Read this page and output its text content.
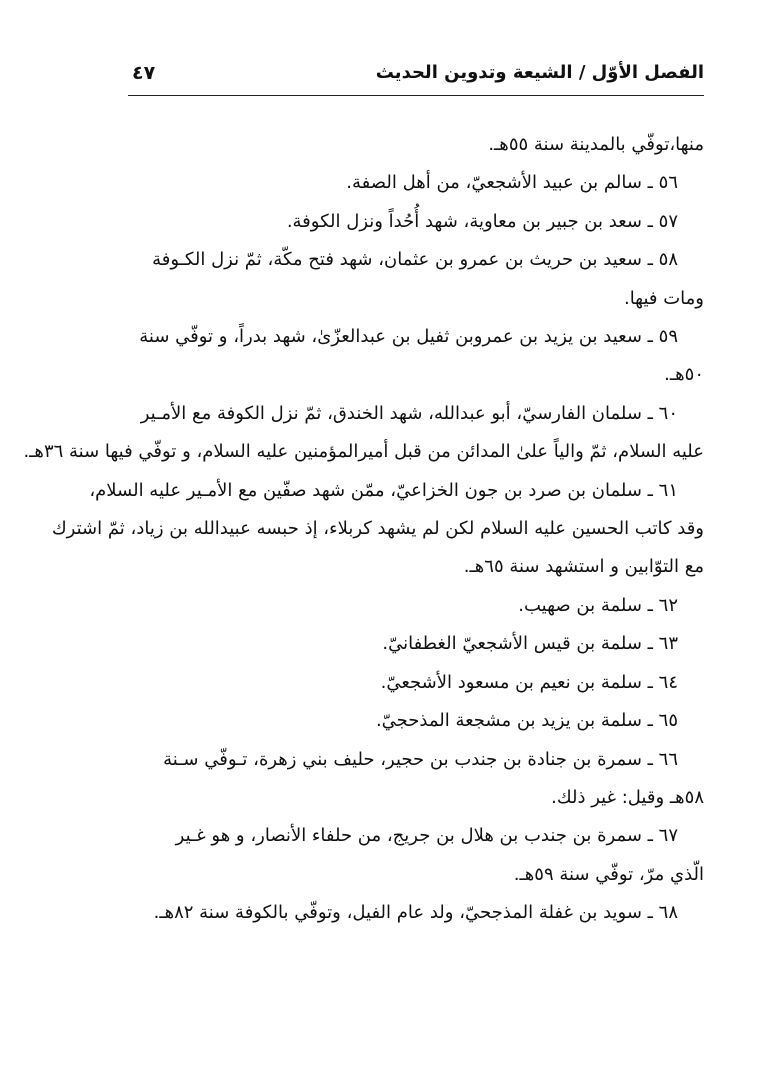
الفصل الأوّل / الشيعة وتدوين الحديث
٤٧
منها،توفّي بالمدينة سنة ٥٥هـ.
٥٦ ـ سالم بن عبيد الأشجعيّ، من أهل الصفة.
٥٧ ـ سعد بن جبير بن معاوية، شهد أُحُداً ونزل الكوفة.
٥٨ ـ سعيد بن حريث بن عمرو بن عثمان، شهد فتح مكّة، ثمّ نزل الكـوفة
ومات فيها.
٥٩ ـ سعيد بن يزيد بن عمروبن ثفيل بن عبدالعزّىٰ، شهد بدراً، و توفّي سنة
٥٠هـ.
٦٠ ـ سلمان الفارسيّ، أبو عبدالله، شهد الخندق، ثمّ نزل الكوفة مع الأمـير
عليه السلام، ثمّ والياً علىٰ المدائن من قبل أميرالمؤمنين عليه السلام، و توفّي فيها سنة ٣٦هـ.
٦١ ـ سلمان بن صرد بن جون الخزاعيّ، ممّن شهد صفّين مع الأمـير عليه السلام،
وقد كاتب الحسين عليه السلام لكن لم يشهد كربلاء، إذ حبسه عبيدالله بن زياد، ثمّ اشترك
مع التوّابين و استشهد سنة ٦٥هـ.
٦٢ ـ سلمة بن صهيب.
٦٣ ـ سلمة بن قيس الأشجعيّ الغطفانيّ.
٦٤ ـ سلمة بن نعيم بن مسعود الأشجعيّ.
٦٥ ـ سلمة بن يزيد بن مشجعة المذحجيّ.
٦٦ ـ سمرة بن جنادة بن جندب بن حجير، حليف بني زهرة، تـوفّي سـنة
٥٨هـ وقيل: غير ذلك.
٦٧ ـ سمرة بن جندب بن هلال بن جريج، من حلفاء الأنصار، و هو غـير
الّذي مرّ، توفّي سنة ٥٩هـ.
٦٨ ـ سويد بن غفلة المذجحيّ، ولد عام الفيل، وتوفّي بالكوفة سنة ٨٢هـ.
